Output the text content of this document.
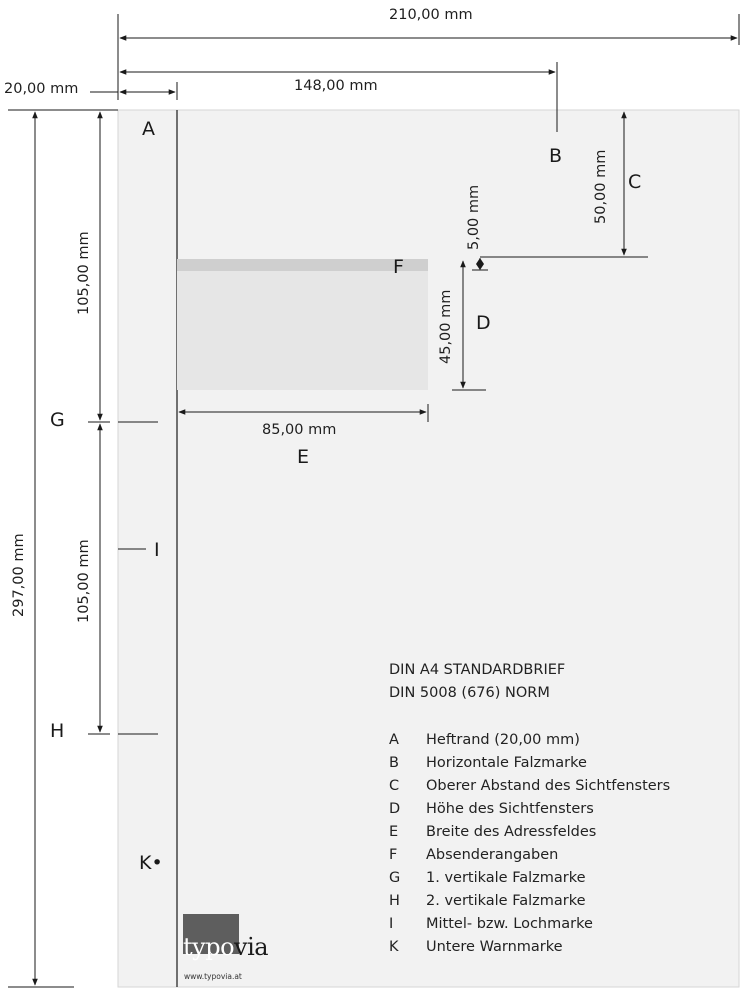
210,00 mm
148,00 mm
20,00 mm
85,00 mm
297,00 mm
105,00 mm
105,00 mm
50,00 mm
45,00 mm
5,00 mm
A
B
C
D
E
F
G
H
I
K•
DIN A4 STANDARDBRIEF
DIN 5008 (676) NORM
A Heftrand (20,00 mm)
B Horizontale Falzmarke
C Oberer Abstand des Sichtfensters
D Höhe des Sichtfensters
E Breite des Adressfeldes
F Absenderangaben
G 1. vertikale Falzmarke
H 2. vertikale Falzmarke
I Mittel- bzw. Lochmarke
K Untere Warnmarke
typovia
www.typovia.at
